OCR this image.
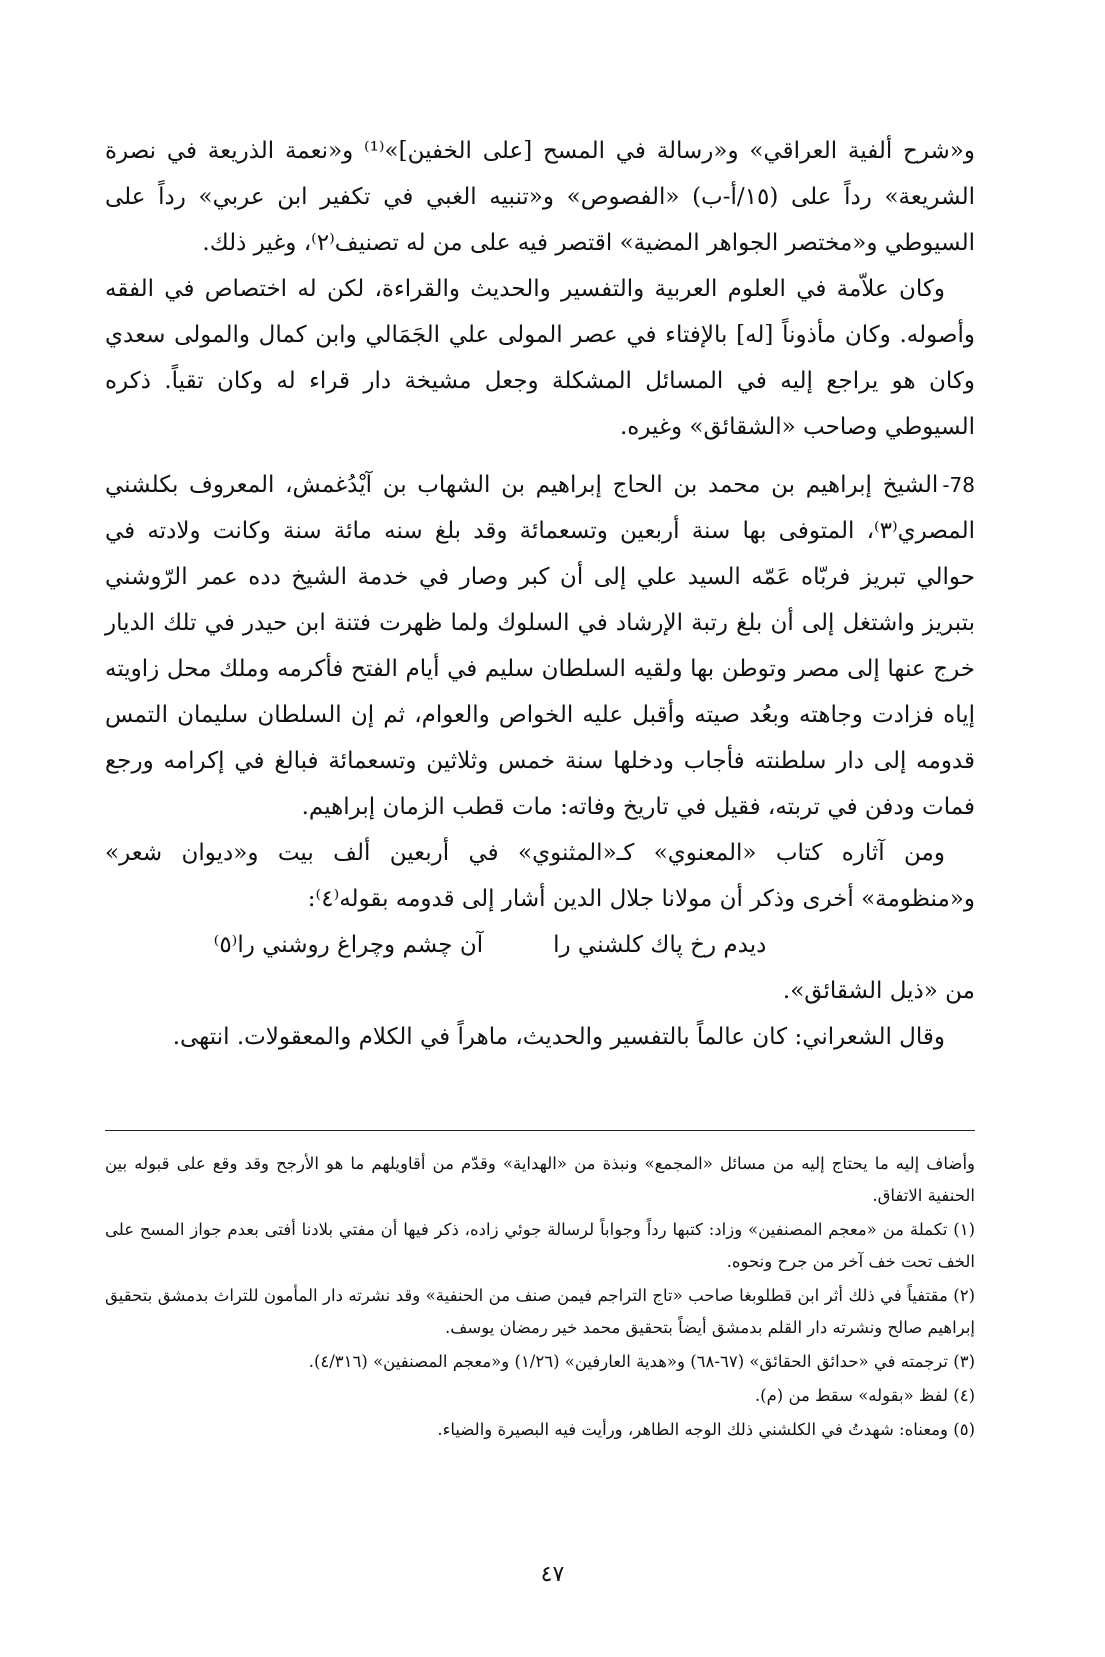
و«شرح ألفية العراقي» و«رسالة في المسح [على الخفين]»⁽¹⁾ و«نعمة الذريعة في نصرة الشريعة» رداً على (١٥/أ-ب) «الفصوص» و«تنبيه الغبي في تكفير ابن عربي» رداً على السيوطي و«مختصر الجواهر المضية» اقتصر فيه على من له تصنيف⁽٢⁾، وغير ذلك.

وكان علاّمة في العلوم العربية والتفسير والحديث والقراءة، لكن له اختصاص في الفقه وأصوله. وكان مأذوناً [له] بالإفتاء في عصر المولى علي الجَمَالي وابن كمال والمولى سعدي وكان هو يراجع إليه في المسائل المشكلة وجعل مشيخة دار قراء له وكان تقياً. ذكره السيوطي وصاحب «الشقائق» وغيره.

78-الشيخ إبراهيم بن محمد بن الحاج إبراهيم بن الشهاب بن آيْدُغمش، المعروف بكلشني المصري⁽٣⁾، المتوفى بها سنة أربعين وتسعمائة وقد بلغ سنه مائة سنة وكانت ولادته في حوالي تبريز فربّاه عَمّه السيد علي إلى أن كبر وصار في خدمة الشيخ دده عمر الرّوشني بتبريز واشتغل إلى أن بلغ رتبة الإرشاد في السلوك ولما ظهرت فتنة ابن حيدر في تلك الديار خرج عنها إلى مصر وتوطن بها ولقيه السلطان سليم في أيام الفتح فأكرمه وملك محل زاويته إياه فزادت وجاهته وبعُد صيته وأقبل عليه الخواص والعوام، ثم إن السلطان سليمان التمس قدومه إلى دار سلطنته فأجاب ودخلها سنة خمس وثلاثين وتسعمائة فبالغ في إكرامه ورجع فمات ودفن في تربته، فقيل في تاريخ وفاته: مات قطب الزمان إبراهيم.

ومن آثاره كتاب «المعنوي» كـ«المثنوي» في أربعين ألف بيت و«ديوان شعر» و«منظومة» أخرى وذكر أن مولانا جلال الدين أشار إلى قدومه بقوله⁽٤⁾:

ديدم رخ پاك كلشني را
آن چشم وچراغ روشني را⁽٥⁾

من «ذيل الشقائق».

وقال الشعراني: كان عالماً بالتفسير والحديث، ماهراً في الكلام والمعقولات. انتهى.

وأضاف إليه ما يحتاج إليه من مسائل «المجمع» ونبذة من «الهداية» وقدّم من أقاويلهم ما هو الأرجح وقد وقع على قبوله بين الحنفية الاتفاق.

(١) تكملة من «معجم المصنفين» وزاد: كتبها رداً وجواباً لرسالة جوئي زاده، ذكر فيها أن مفتي بلادنا أفتى بعدم جواز المسح على الخف تحت خف آخر من جرح ونحوه.

(٢) مقتفياً في ذلك أثر ابن قطلوبغا صاحب «تاج التراجم فيمن صنف من الحنفية» وقد نشرته دار المأمون للتراث بدمشق بتحقيق إبراهيم صالح ونشرته دار القلم بدمشق أيضاً بتحقيق محمد خير رمضان يوسف.

(٣) ترجمته في «حدائق الحقائق» (٦٧-٦٨) و«هدية العارفين» (١/٢٦) و«معجم المصنفين» (٤/٣١٦).

(٤) لفظ «بقوله» سقط من (م).

(٥) ومعناه: شهدتُ في الكلشني ذلك الوجه الطاهر، ورأيت فيه البصيرة والضياء.

٤٧
